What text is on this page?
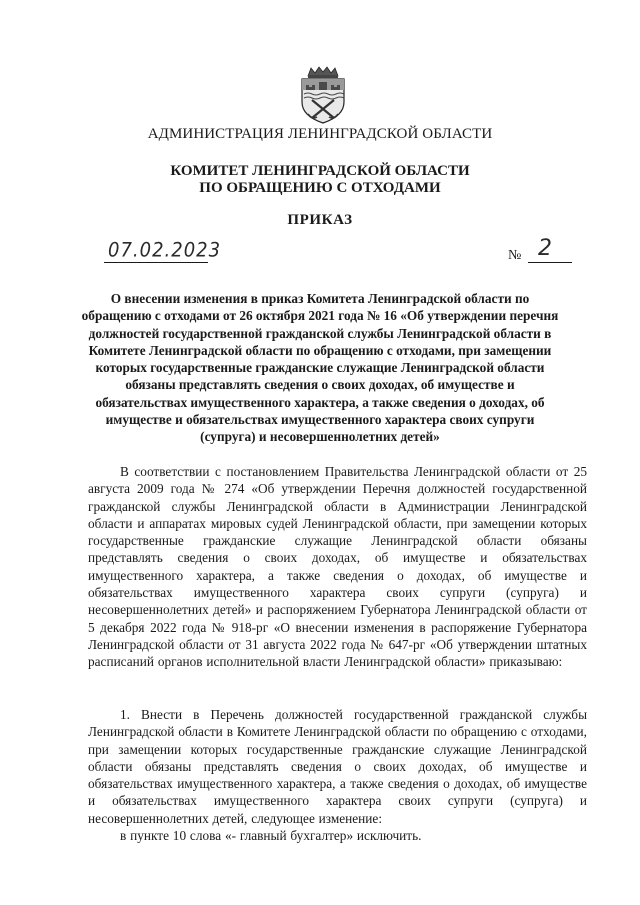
АДМИНИСТРАЦИЯ ЛЕНИНГРАДСКОЙ ОБЛАСТИ
КОМИТЕТ ЛЕНИНГРАДСКОЙ ОБЛАСТИ
ПО ОБРАЩЕНИЮ С ОТХОДАМИ
ПРИКАЗ
07.02.2023	№ 2
О внесении изменения в приказ Комитета Ленинградской области по обращению с отходами от 26 октября 2021 года № 16 «Об утверждении перечня должностей государственной гражданской службы Ленинградской области в Комитете Ленинградской области по обращению с отходами, при замещении которых государственные гражданские служащие Ленинградской области обязаны представлять сведения о своих доходах, об имуществе и обязательствах имущественного характера, а также сведения о доходах, об имуществе и обязательствах имущественного характера своих супруги (супруга) и несовершеннолетних детей»
В соответствии с постановлением Правительства Ленинградской области от 25 августа 2009 года № 274 «Об утверждении Перечня должностей государственной гражданской службы Ленинградской области в Администрации Ленинградской области и аппаратах мировых судей Ленинградской области, при замещении которых государственные гражданские служащие Ленинградской области обязаны представлять сведения о своих доходах, об имуществе и обязательствах имущественного характера, а также сведения о доходах, об имуществе и обязательствах имущественного характера своих супруги (супруга) и несовершеннолетних детей» и распоряжением Губернатора Ленинградской области от 5 декабря 2022 года № 918-рг «О внесении изменения в распоряжение Губернатора Ленинградской области от 31 августа 2022 года № 647-рг «Об утверждении штатных расписаний органов исполнительной власти Ленинградской области» приказываю:
1. Внести в Перечень должностей государственной гражданской службы Ленинградской области в Комитете Ленинградской области по обращению с отходами, при замещении которых государственные гражданские служащие Ленинградской области обязаны представлять сведения о своих доходах, об имуществе и обязательствах имущественного характера, а также сведения о доходах, об имуществе и обязательствах имущественного характера своих супруги (супруга) и несовершеннолетних детей, следующее изменение:
в пункте 10 слова «- главный бухгалтер» исключить.
